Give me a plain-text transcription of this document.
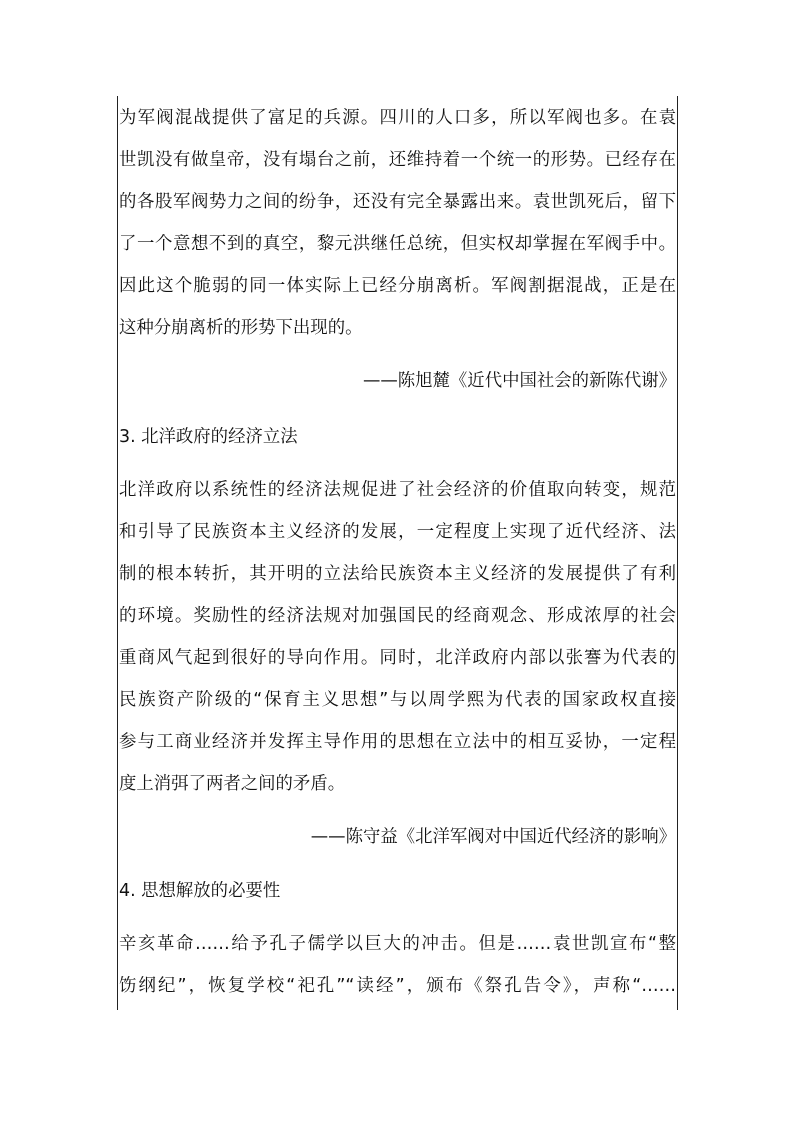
为军阀混战提供了富足的兵源。四川的人口多，所以军阀也多。在袁
世凯没有做皇帝，没有塌台之前，还维持着一个统一的形势。已经存在
的各股军阀势力之间的纷争，还没有完全暴露出来。袁世凯死后，留下
了一个意想不到的真空，黎元洪继任总统，但实权却掌握在军阀手中。
因此这个脆弱的同一体实际上已经分崩离析。军阀割据混战，正是在
这种分崩离析的形势下出现的。
——陈旭麓《近代中国社会的新陈代谢》
3. 北洋政府的经济立法
北洋政府以系统性的经济法规促进了社会经济的价值取向转变，规范
和引导了民族资本主义经济的发展，一定程度上实现了近代经济、法
制的根本转折，其开明的立法给民族资本主义经济的发展提供了有利
的环境。奖励性的经济法规对加强国民的经商观念、形成浓厚的社会
重商风气起到很好的导向作用。同时，北洋政府内部以张謇为代表的
民族资产阶级的“保育主义思想”与以周学熙为代表的国家政权直接
参与工商业经济并发挥主导作用的思想在立法中的相互妥协，一定程
度上消弭了两者之间的矛盾。
——陈守益《北洋军阀对中国近代经济的影响》
4. 思想解放的必要性
辛亥革命……给予孔子儒学以巨大的冲击。但是……袁世凯宣布“整
饬纲纪”，恢复学校“祀孔”“读经”，颁布《祭孔告令》，声称“……
